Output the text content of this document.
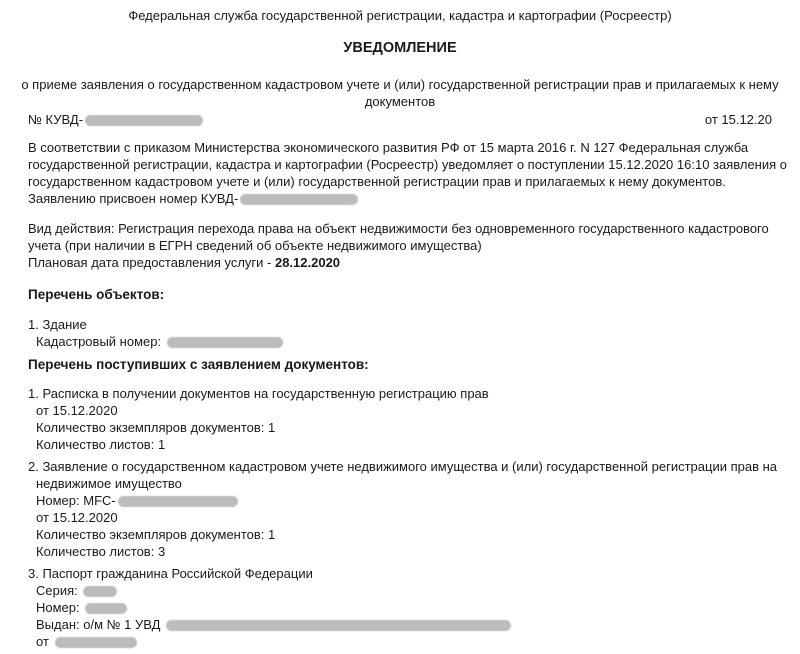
Федеральная служба государственной регистрации, кадастра и картографии (Росреестр)
УВЕДОМЛЕНИЕ
о приеме заявления о государственном кадастровом учете и (или) государственной регистрации прав и прилагаемых к нему
документов
№ КУВД-	от 15.12.20
В соответствии с приказом Министерства экономического развития РФ от 15 марта 2016 г. N 127 Федеральная служба
государственной регистрации, кадастра и картографии (Росреестр) уведомляет о поступлении 15.12.2020 16:10 заявления о
государственном кадастровом учете и (или) государственной регистрации прав и прилагаемых к нему документов.
Заявлению присвоен номер КУВД-
Вид действия: Регистрация перехода права на объект недвижимости без одновременного государственного кадастрового
учета (при наличии в ЕГРН сведений об объекте недвижимого имущества)
Плановая дата предоставления услуги - 28.12.2020
Перечень объектов:
1. Здание
Кадастровый номер:
Перечень поступивших с заявлением документов:
1. Расписка в получении документов на государственную регистрацию прав
от 15.12.2020
Количество экземпляров документов: 1
Количество листов: 1
2. Заявление о государственном кадастровом учете недвижимого имущества и (или) государственной регистрации прав на
недвижимое имущество
Номер: MFC-
от 15.12.2020
Количество экземпляров документов: 1
Количество листов: 3
3. Паспорт гражданина Российской Федерации
Серия:
Номер:
Выдан: о/м № 1 УВД
от
